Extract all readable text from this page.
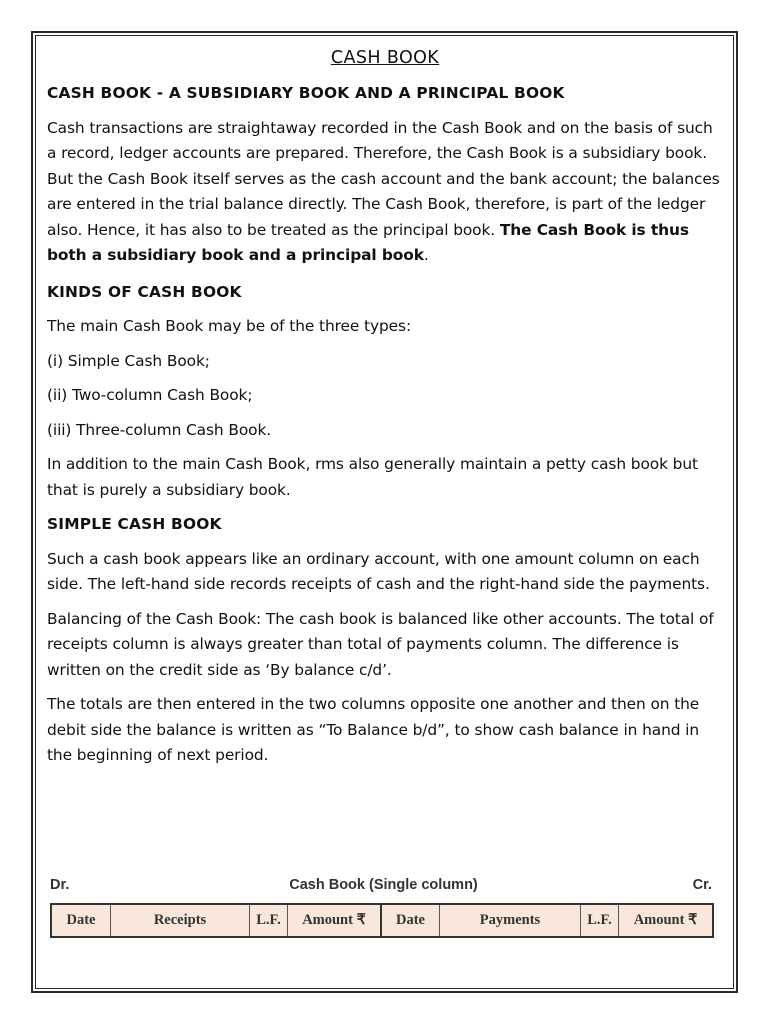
CASH BOOK
CASH BOOK - A SUBSIDIARY BOOK AND A PRINCIPAL BOOK

Cash transactions are straightaway recorded in the Cash Book and on the basis of such a record, ledger accounts are prepared. Therefore, the Cash Book is a subsidiary book. But the Cash Book itself serves as the cash account and the bank account; the balances are entered in the trial balance directly. The Cash Book, therefore, is part of the ledger also. Hence, it has also to be treated as the principal book. The Cash Book is thus both a subsidiary book and a principal book.

KINDS OF CASH BOOK

The main Cash Book may be of the three types:

(i) Simple Cash Book;

(ii) Two-column Cash Book;

(iii) Three-column Cash Book.

In addition to the main Cash Book, rms also generally maintain a petty cash book but that is purely a subsidiary book.

SIMPLE CASH BOOK

Such a cash book appears like an ordinary account, with one amount column on each side. The left-hand side records receipts of cash and the right-hand side the payments.

Balancing of the Cash Book: The cash book is balanced like other accounts. The total of receipts column is always greater than total of payments column. The difference is written on the credit side as ‘By balance c/d’.

The totals are then entered in the two columns opposite one another and then on the debit side the balance is written as “To Balance b/d”, to show cash balance in hand in the beginning of next period.

Dr.	Cash Book (Single column)	Cr.
Date	Receipts	L.F.	Amount ₹	Date	Payments	L.F.	Amount ₹
